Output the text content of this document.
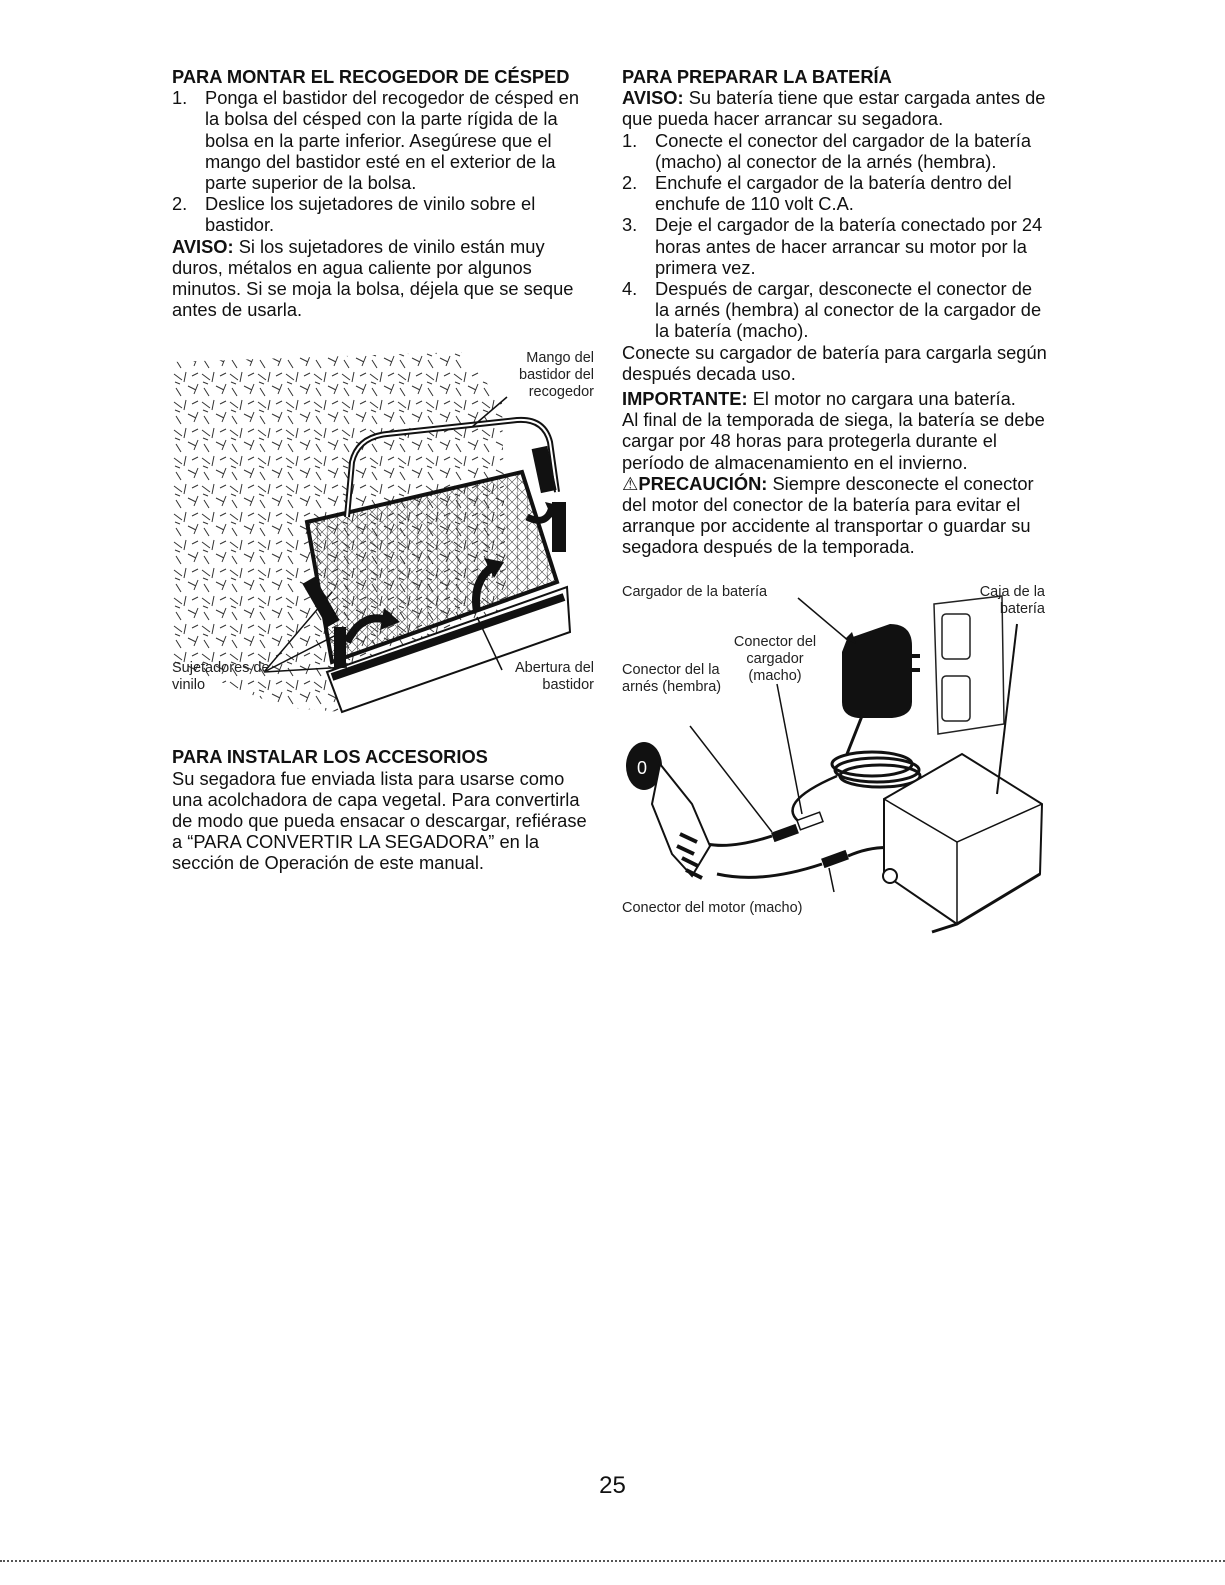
PARA MONTAR EL RECOGEDOR DE CÉSPED
1. Ponga el bastidor del recogedor de césped en la bolsa del césped con la parte rígida de la bolsa en la parte inferior. Asegúrese que el mango del bastidor esté en el exterior de la parte superior de la bolsa.
2. Deslice los sujetadores de vinilo sobre el bastidor.

AVISO: Si los sujetadores de vinilo están muy duros, métalos en agua caliente por algunos minutos. Si se moja la bolsa, déjela que se seque antes de usarla.

Mango del bastidor del recogedor
Sujetadores de vinilo
Abertura del bastidor
PARA INSTALAR LOS ACCESORIOS

Su segadora fue enviada lista para usarse como una acolchadora de capa vegetal. Para convertirla de modo que pueda ensacar o descargar, refiérase a “PARA CONVERTIR LA SEGADORA” en la sección de Operación de este manual.

PARA PREPARAR LA BATERÍA

AVISO: Su batería tiene que estar cargada antes de que pueda hacer arrancar su segadora.

1. Conecte el conector del cargador de la batería (macho) al conector de la arnés (hembra).
2. Enchufe el cargador de la batería dentro del enchufe de 110 volt C.A.
3. Deje el cargador de la batería conectado por 24 horas antes de hacer arrancar su motor por la primera vez.
4. Después de cargar, desconecte el conector de la arnés (hembra) al conector de la cargador de la batería (macho).

Conecte su cargador de batería para cargarla según después decada uso.

IMPORTANTE: El motor no cargara una batería.

Al final de la temporada de siega, la batería se debe cargar por 48 horas para protegerla durante el período de almacenamiento en el invierno.

⚠PRECAUCIÓN: Siempre desconecte el conector del motor del conector de la batería para evitar el arranque por accidente al transportar o guardar su segadora después de la temporada.

0
Cargador de la batería	Caja de la batería
Conector del cargador (macho)
Conector del la arnés (hembra)
Conector del motor (macho)
25
